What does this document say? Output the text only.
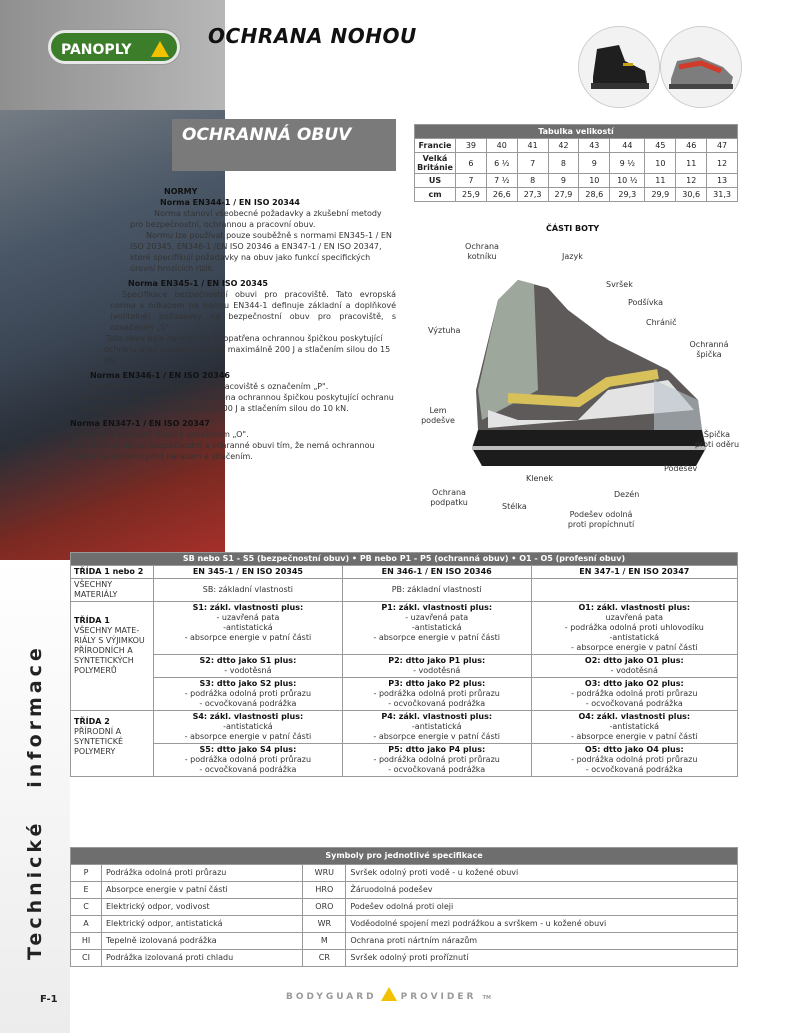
PANOPLY
OCHRANA NOHOU
OCHRANNÁ OBUV

NORMY

Norma EN344-1 / EN ISO 20344

Norma stanoví všeobecné požadavky a zkušební metody pro bezpečnostní, ochrannou a pracovní obuv.

Normu lze používat pouze souběžně s normami EN345-1 / EN ISO 20345, EN346-1 /EN ISO 20346 a EN347-1 / EN ISO 20347, které specifikují požadavky na obuv jako funkcí specifických úrovní hrozících rizik.

Norma EN345-1 / EN ISO 20345

Specifikace bezpečnostní obuvi pro pracoviště. Tato evropská norma s odkazem na normu EN344-1 definuje základní a doplňkové (volitelné) požadavky na bezpečnostní obuv pro pracoviště, s označením „S".

Tato obuv byla navržena a je opatřena ochrannou špičkou poskytující ochranu před nárazem energií maximálně 200 J a stlačením silou do 15 kN.

Norma EN346-1 / EN ISO 20346

Specifikace ochranné obuvi pro pracoviště s označením „P".

Tato obuv byla navržena a je opatřena ochrannou špičkou poskytující ochranu před nárazem energií maximálně 100 J a stlačením silou do 10 kN.

Norma EN347-1 / EN ISO 20347

Specifikace pracovní obuvi s označením „O".

Tato obuv se liší od bezpečnostní a ochranné obuvi tím, že nemá ochrannou špičku na ochranu před nárazem a stlačením.

Tabulka velikostí									
Francie	39	40	41	42	43	44	45	46	47
Velká Británie	6	6 ½	7	8	9	9 ½	10	11	12
US	7	7 ½	8	9	10	10 ½	11	12	13
cm	25,9	26,6	27,3	27,9	28,6	29,3	29,9	30,6	31,3
ČÁSTI BOTY
Ochrana kotníku	Jazyk
Svršek
Podšívka
Chránič
Ochranná špička
Výztuha
Lem podešve
Špička proti oděru
Podešev
Klenek
Dezén
Ochrana podpatku	Stélka
Podešev odolná proti propíchnutí
SB nebo S1 - S5 (bezpečnostní obuv) • PB nebo P1 - P5 (ochranná obuv) • O1 - O5 (profesní obuv)			
TŘÍDA 1 nebo 2	EN 345-1 / EN ISO 20345	EN 346-1 / EN ISO 20346	EN 347-1 / EN ISO 20347
VŠECHNY MATERIÁLY	SB: základní vlastnosti	PB: základní vlastnosti	
TŘÍDA 1
VŠECHNY MATE-RIÁLY S VÝJIMKOU PŘÍRODNÍCH A SYNTETICKÝCH POLYMERŮ	S1: zákl. vlastnosti plus:
- uzavřená pata
-antistatická
- absorpce energie v patní části	P1: zákl. vlastnosti plus:
- uzavřená pata
-antistatická
- absorpce energie v patní části	O1: zákl. vlastnosti plus:
uzavřená pata
- podrážka odolná proti uhlovodíku
-antistatická
- absorpce energie v patní části
	S2: dtto jako S1 plus:
- vodotěsná	P2: dtto jako P1 plus:
- vodotěsná	O2: dtto jako O1 plus:
- vodotěsná
	S3: dtto jako S2 plus:
- podrážka odolná proti průrazu
- ocvočkovaná podrážka	P3: dtto jako P2 plus:
- podrážka odolná proti průrazu
- ocvočkovaná podrážka	O3: dtto jako O2 plus:
- podrážka odolná proti průrazu
- ocvočkovaná podrážka
TŘÍDA 2
PŘÍRODNÍ A SYNTETICKÉ POLYMERY	S4: zákl. vlastnosti plus:
-antistatická
- absorpce energie v patní části	P4: zákl. vlastnosti plus:
-antistatická
- absorpce energie v patní části	O4: zákl. vlastnosti plus:
-antistatická
- absorpce energie v patní části
	S5: dtto jako S4 plus:
- podrážka odolná proti průrazu
- ocvočkovaná podrážka	P5: dtto jako P4 plus:
- podrážka odolná proti průrazu
- ocvočkovaná podrážka	O5: dtto jako O4 plus:
- podrážka odolná proti průrazu
- ocvočkovaná podrážka
Symboly pro jednotlivé specifikace			
P	Podrážka odolná proti průrazu	WRU	Svršek odolný proti vodě - u kožené obuvi
E	Absorpce energie v patní části	HRO	Žáruodolná podešev
C	Elektrický odpor, vodivost	ORO	Podešev odolná proti oleji
A	Elektrický odpor, antistatická	WR	Voděodolné spojení mezi podrážkou a svrškem - u kožené obuvi
HI	Tepelně izolovaná podrážka	M	Ochrana proti nártním nárazům
CI	Podrážka izolovaná proti chladu	CR	Svršek odolný proti proříznutí
Technické   informace
F-1	BODYGUARD	PROVIDER TM
